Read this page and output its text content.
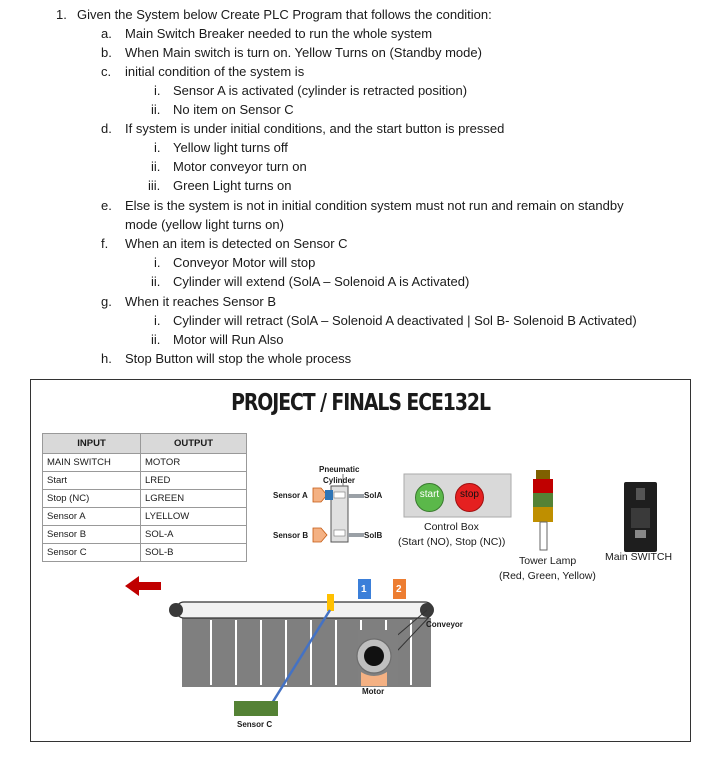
1. Given the System below Create PLC Program that follows the condition:
a. Main Switch Breaker needed to run the whole system
b. When Main switch is turn on. Yellow Turns on (Standby mode)
c. initial condition of the system is
i. Sensor A is activated (cylinder is retracted position)
ii. No item on Sensor C
d. If system is under initial conditions, and the start button is pressed
i. Yellow light turns off
ii. Motor conveyor turn on
iii. Green Light turns on
e. Else is the system is not in initial condition system must not run and remain on standby
mode (yellow light turns on)
f. When an item is detected on Sensor C
i. Conveyor Motor will stop
ii. Cylinder will extend (SolA – Solenoid A is Activated)
g. When it reaches Sensor B
i. Cylinder will retract (SolA – Solenoid A deactivated | Sol B- Solenoid B Activated)
ii. Motor will Run Also
h. Stop Button will stop the whole process
PROJECT / FINALS ECE132L
INPUT	OUTPUT
MAIN SWITCH	MOTOR
Start	LRED
Stop (NC)	LGREEN
Sensor A	LYELLOW
Sensor B	SOL-A
Sensor C	SOL-B
start	stop
Pneumatic
Cylinder
Sensor A
Sensor B
SolA
SolB
Control Box
(Start (NO), Stop (NC))
Tower Lamp
(Red, Green, Yellow)
Main SWITCH
1	2
Conveyor
Motor
Sensor C
